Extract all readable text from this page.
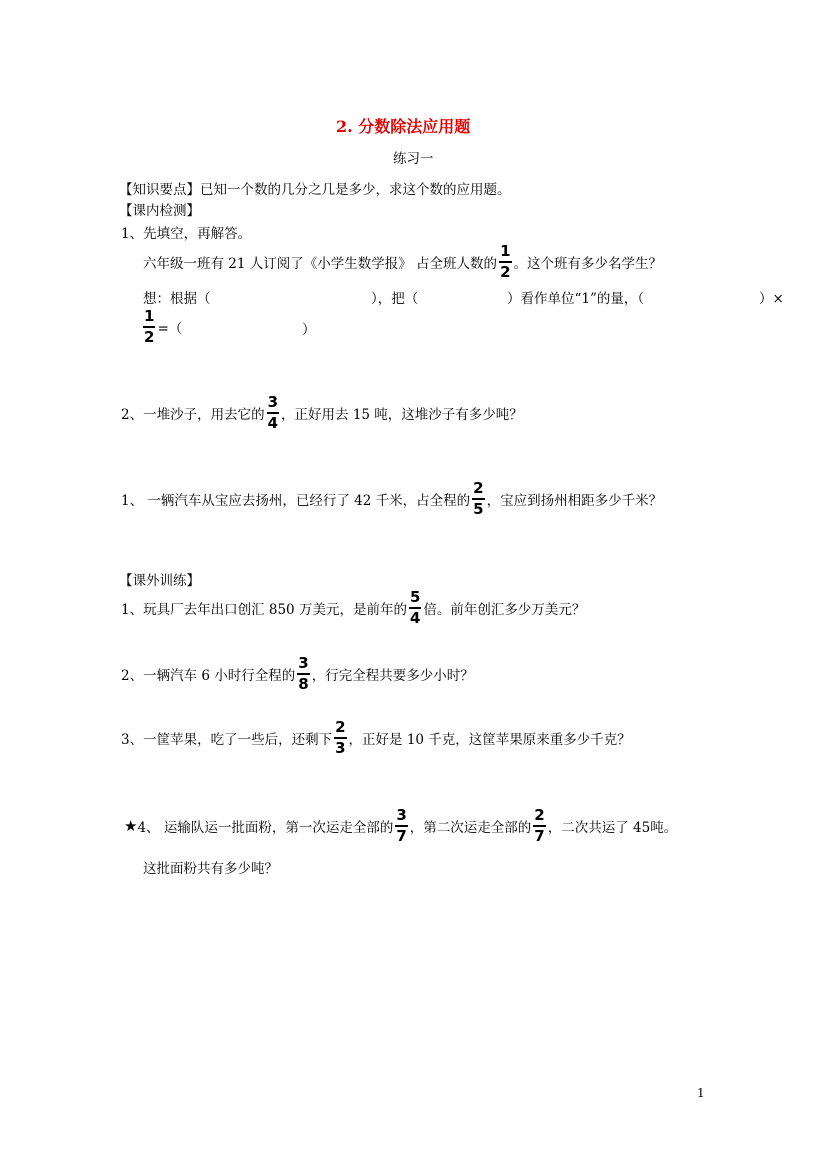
2. 分数除法应用题
练习一
【知识要点】已知一个数的几分之几是多少，求这个数的应用题。
【课内检测】
1、先填空，再解答。
六年级一班有 21 人订阅了《小学生数学报》 占全班人数的 $\frac{1}{2}$ 。这个班有多少名学生？
想：根据（	），把（	）看作单位“1”的量，（	）×
$\frac{1}{2}$ =（	）
2、一堆沙子，用去它的 $\frac{3}{4}$ ，正好用去 15 吨，这堆沙子有多少吨？
1、 一辆汽车从宝应去扬州，已经行了 42 千米，占全程的 $\frac{2}{5}$ ，宝应到扬州相距多少千米？
【课外训练】
1、玩具厂去年出口创汇 850 万美元，是前年的 $\frac{5}{4}$ 倍。前年创汇多少万美元？
2、一辆汽车 6 小时行全程的 $\frac{3}{8}$ ，行完全程共要多少小时？
3、一筐苹果，吃了一些后，还剩下 $\frac{2}{3}$ ，正好是 10 千克，这筐苹果原来重多少千克？
★ 4、 运输队运一批面粉，第一次运走全部的 $\frac{3}{7}$ ，第二次运走全部的 $\frac{2}{7}$ ，二次共运了 45吨。
这批面粉共有多少吨？
1
